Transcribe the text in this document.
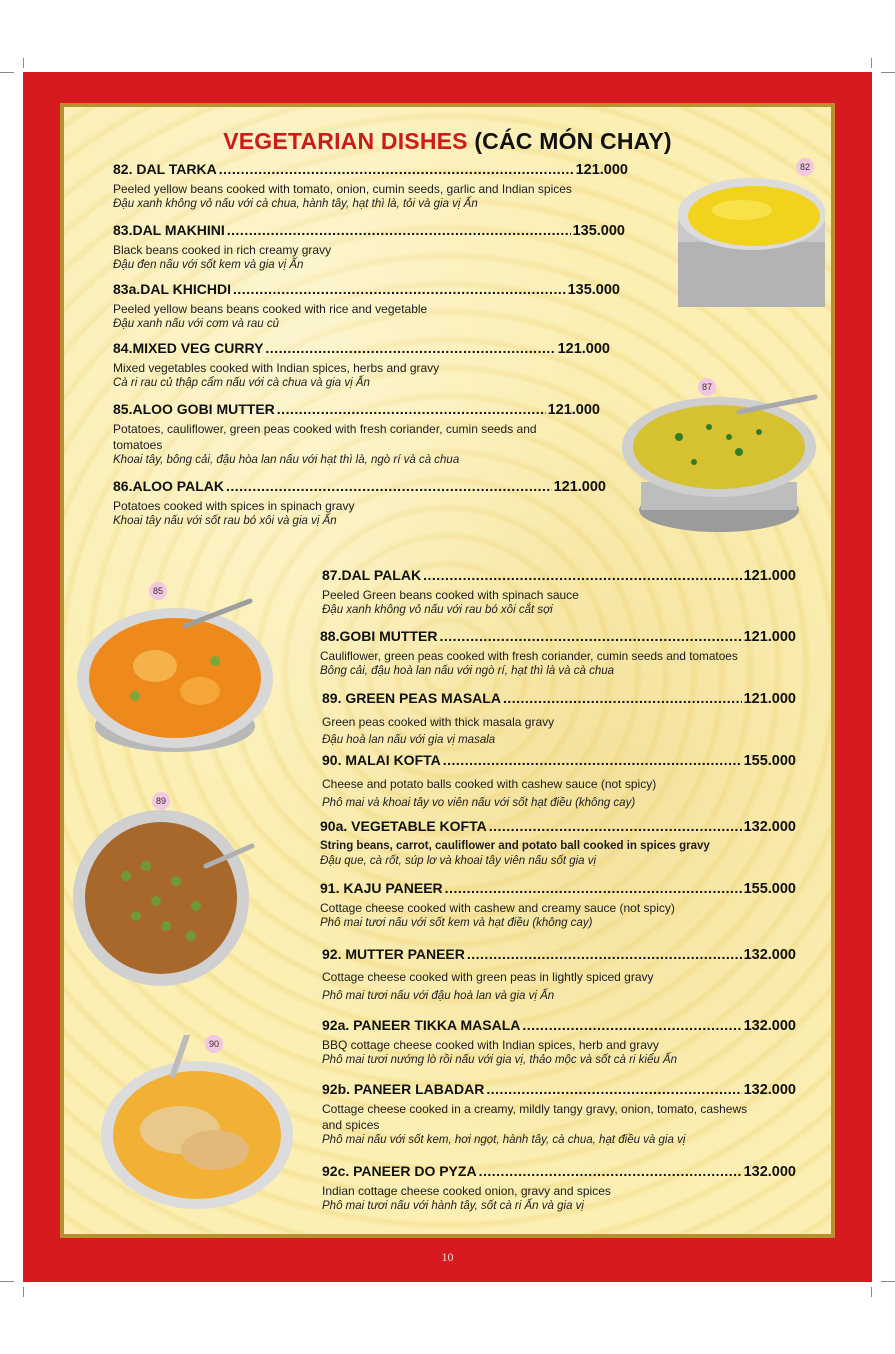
VEGETARIAN DISHES (CÁC MÓN CHAY)
82. DAL TARKA .....	121.000
Peeled yellow beans cooked with tomato, onion, cumin seeds, garlic and Indian spices
Đậu xanh không vỏ nấu với cà chua, hành tây, hạt thì là, tỏi và gia vị Ấn
83.DAL MAKHINI .....	135.000
Black beans cooked in rich creamy gravy
Đậu đen nấu với sốt kem và gia vị Ấn
83a.DAL KHICHDI .....	135.000
Peeled yellow beans beans cooked with rice and vegetable
Đậu xanh nấu với cơm và rau củ
84.MIXED VEG CURRY .....	121.000
Mixed vegetables cooked with Indian spices, herbs and gravy
Cà ri rau củ thập cẩm nấu với cà chua và gia vị Ấn
85.ALOO GOBI MUTTER .....	121.000
Potatoes, cauliflower, green peas cooked with fresh coriander, cumin seeds and tomatoes
Khoai tây, bông cải, đậu hòa lan nấu với hạt thì là, ngò rí và cà chua
86.ALOO PALAK .....	121.000
Potatoes cooked with spices in spinach gravy
Khoai tây nấu với sốt rau bó xôi và gia vị Ấn
87.DAL PALAK .....	121.000
Peeled Green beans cooked with spinach sauce
Đậu xanh không vỏ nấu với rau bó xôi cắt sợi
88.GOBI MUTTER .....	121.000
Cauliflower, green peas cooked with fresh coriander, cumin seeds and tomatoes
Bông cải, đậu hoà lan nấu với ngò rí, hạt thì là và cà chua
89. GREEN PEAS MASALA .....	121.000
Green peas cooked with thick masala gravy
Đậu hoà lan nấu với gia vị masala
90. MALAI KOFTA .....	155.000
Cheese and potato balls cooked with cashew sauce (not spicy)
Phô mai và khoai tây vo viên nấu với sốt hạt điều (không cay)
90a. VEGETABLE KOFTA .....	132.000
String beans, carrot, cauliflower and potato ball cooked in spices gravy
Đậu que, cà rốt, súp lơ và khoai tây viên nấu sốt gia vị
91. KAJU PANEER .....	155.000
Cottage cheese cooked with cashew and creamy sauce (not spicy)
Phô mai tươi nấu với sốt kem và hạt điều (không cay)
92. MUTTER PANEER .....	132.000
Cottage cheese cooked with green peas in lightly spiced gravy
Phô mai tươi nấu với đậu hoà lan và gia vị Ấn
92a. PANEER TIKKA MASALA .....	132.000
BBQ cottage cheese cooked with Indian spices, herb and gravy
Phô mai tươi nướng lò rồi nấu với gia vị, thảo mộc và sốt cà ri kiểu Ấn
92b. PANEER LABADAR .....	132.000
Cottage cheese cooked in a creamy, mildly tangy gravy, onion, tomato, cashews and spices
Phô mai nấu với sốt kem, hơi ngọt, hành tây, cà chua, hạt điều và gia vị
92c. PANEER DO PYZA .....	132.000
Indian cottage cheese cooked onion, gravy and spices
Phô mai tươi nấu với hành tây, sốt cà ri Ấn và gia vị
82
87
85
89
90
10
